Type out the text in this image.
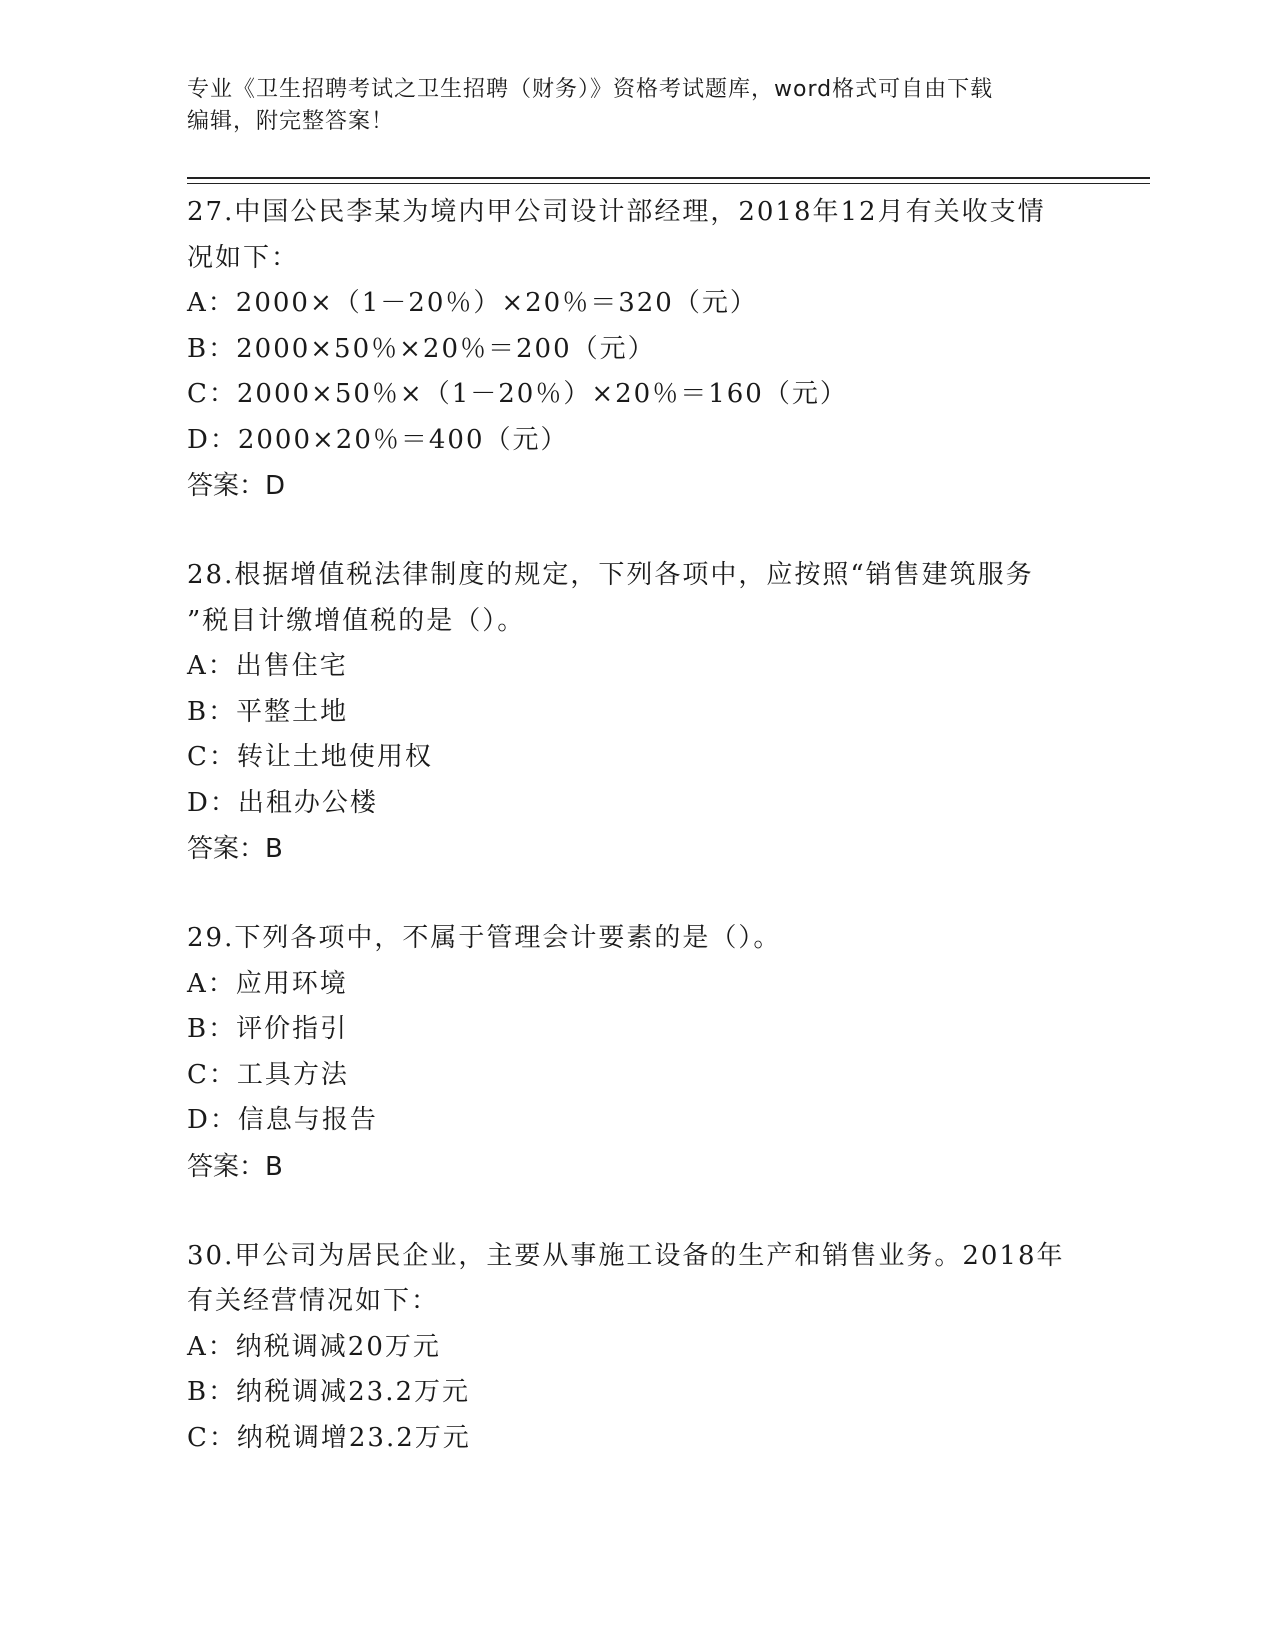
专业《卫生招聘考试之卫生招聘（财务）》资格考试题库，word格式可自由下载
编辑，附完整答案！
27.中国公民李某为境内甲公司设计部经理，2018年12月有关收支情
况如下：
A：2000×（1－20％）×20％＝320（元）
B：2000×50％×20％＝200（元）
C：2000×50％×（1－20％）×20％＝160（元）
D：2000×20％＝400（元）
答案：D
28.根据增值税法律制度的规定，下列各项中，应按照“销售建筑服务
”税目计缴增值税的是（）。
A：出售住宅
B：平整土地
C：转让土地使用权
D：出租办公楼
答案：B
29.下列各项中，不属于管理会计要素的是（）。
A：应用环境
B：评价指引
C：工具方法
D：信息与报告
答案：B
30.甲公司为居民企业，主要从事施工设备的生产和销售业务。2018年
有关经营情况如下：
A：纳税调减20万元
B：纳税调减23.2万元
C：纳税调增23.2万元
